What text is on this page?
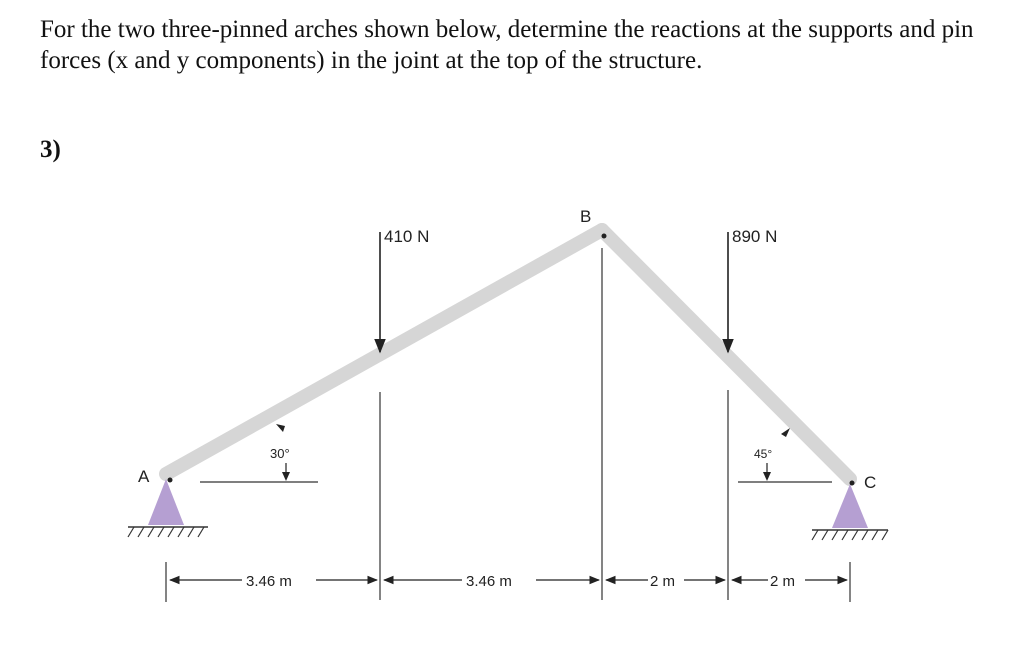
For the two three-pinned arches shown below, determine the reactions at the supports and pin forces (x and y components) in the joint at the top of the structure.
3)
A
B
C
410 N	890 N
30°	45°
3.46 m	3.46 m	2 m	2 m
